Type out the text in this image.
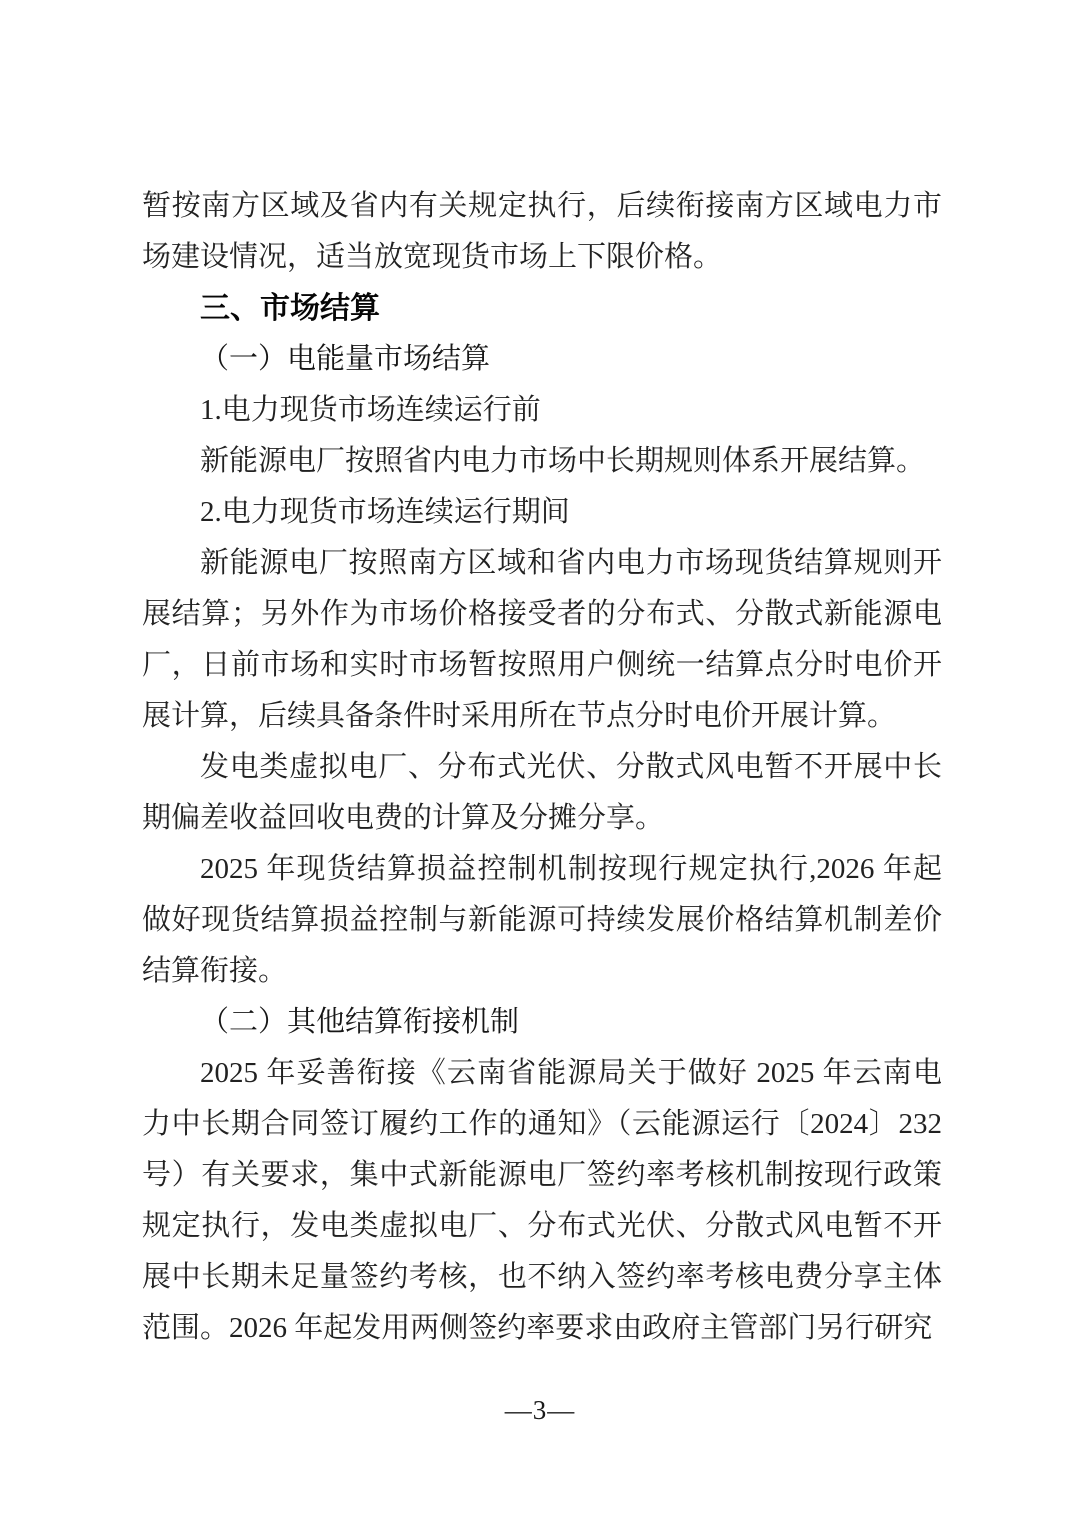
暂按南方区域及省内有关规定执行，后续衔接南方区域电力市场建设情况，适当放宽现货市场上下限价格。

三、市场结算

（一）电能量市场结算

1.电力现货市场连续运行前

新能源电厂按照省内电力市场中长期规则体系开展结算。

2.电力现货市场连续运行期间

新能源电厂按照南方区域和省内电力市场现货结算规则开展结算；另外作为市场价格接受者的分布式、分散式新能源电厂，日前市场和实时市场暂按照用户侧统一结算点分时电价开展计算，后续具备条件时采用所在节点分时电价开展计算。

发电类虚拟电厂、分布式光伏、分散式风电暂不开展中长期偏差收益回收电费的计算及分摊分享。

2025 年现货结算损益控制机制按现行规定执行,2026 年起做好现货结算损益控制与新能源可持续发展价格结算机制差价结算衔接。

（二）其他结算衔接机制

2025 年妥善衔接《云南省能源局关于做好 2025 年云南电力中长期合同签订履约工作的通知》（云能源运行〔2024〕232 号）有关要求，集中式新能源电厂签约率考核机制按现行政策规定执行，发电类虚拟电厂、分布式光伏、分散式风电暂不开展中长期未足量签约考核，也不纳入签约率考核电费分享主体范围。2026 年起发用两侧签约率要求由政府主管部门另行研究

—3—
